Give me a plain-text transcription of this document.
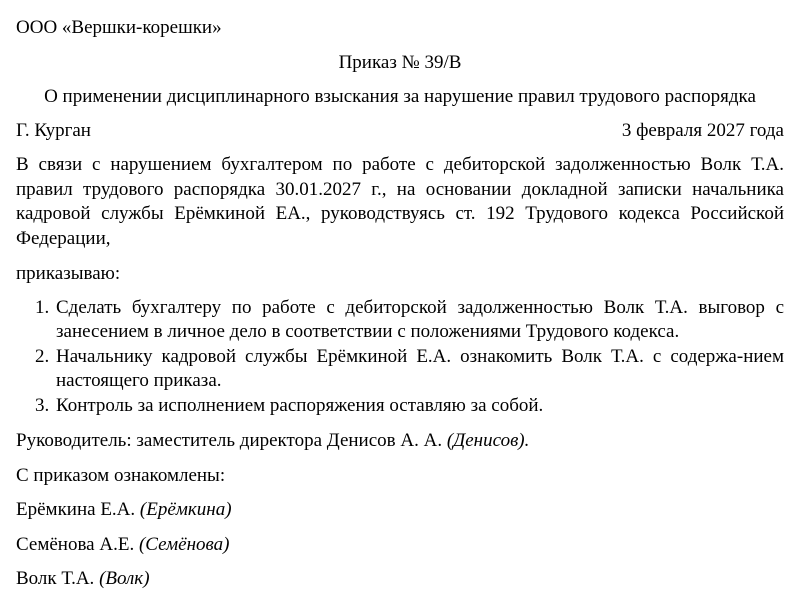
ООО «Вершки-корешки»
Приказ № 39/В
О применении дисциплинарного взыскания за нарушение правил трудового распорядка
Г. Курган	3 февраля 2027 года
В связи с нарушением бухгалтером по работе с дебиторской задолженностью Волк Т.А. правил трудового распорядка 30.01.2027 г., на основании докладной записки начальника кадровой службы Ерёмкиной ЕА., руководствуясь ст. 192 Трудового кодекса Российской Федерации,
приказываю:
1. Сделать бухгалтеру по работе с дебиторской задолженностью Волк Т.А. выговор с занесением в личное дело в соответствии с положениями Трудового кодекса.
2. Начальнику кадровой службы Ерёмкиной Е.А. ознакомить Волк Т.А. с содержа-нием настоящего приказа.
3. Контроль за исполнением распоряжения оставляю за собой.
Руководитель: заместитель директора Денисов А. А. (Денисов).
С приказом ознакомлены:
Ерёмкина Е.А. (Ерёмкина)
Семёнова А.Е. (Семёнова)
Волк Т.А. (Волк)
